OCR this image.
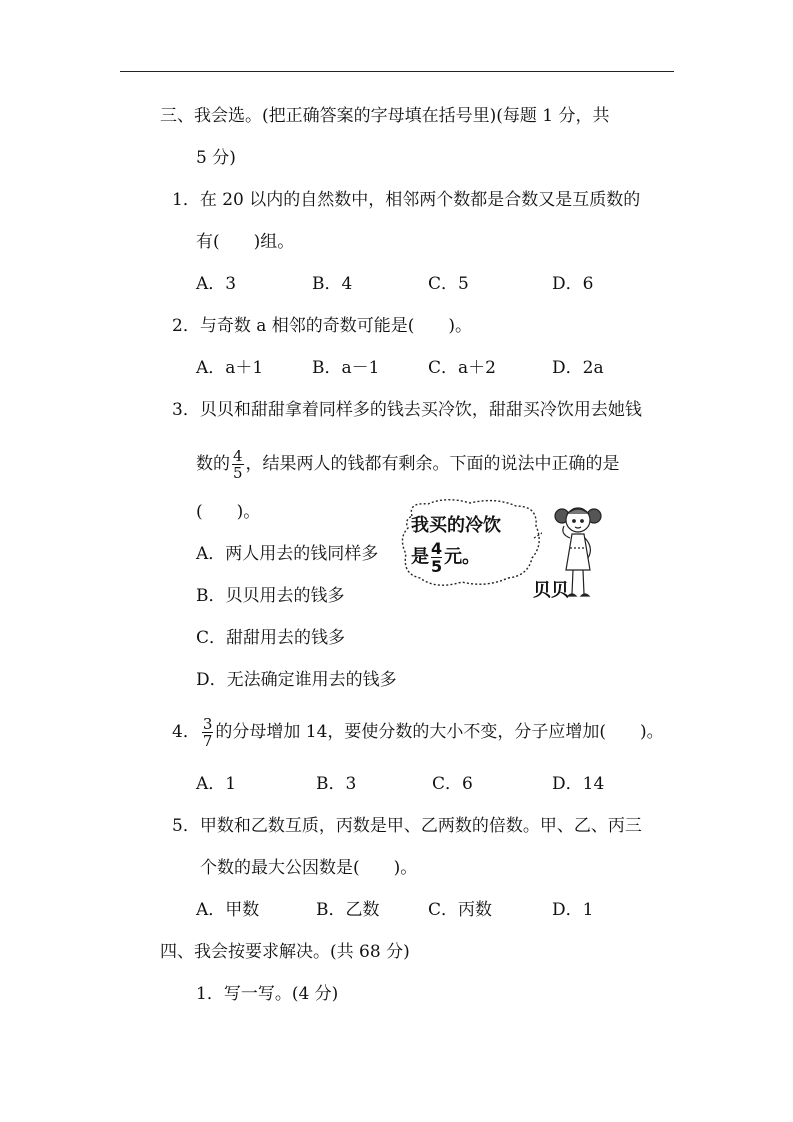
三、我会选。(把正确答案的字母填在括号里)(每题 1 分，共
5 分)
1．在 20 以内的自然数中，相邻两个数都是合数又是互质数的
有(　　)组。
A．3	B．4	C．5	D．6
2．与奇数 a 相邻的奇数可能是(　　)。
A．a＋1	B．a－1	C．a＋2	D．2a
3．贝贝和甜甜拿着同样多的钱去买冷饮，甜甜买冷饮用去她钱
数的 $\frac{4}{5}$ ，结果两人的钱都有剩余。下面的说法中正确的是
(　　)。
A．两人用去的钱同样多
B．贝贝用去的钱多
C．甜甜用去的钱多
D．无法确定谁用去的钱多
我买的冷饮
是 $\frac{4}{5}$ 元。
贝贝
4． $\frac{3}{7}$ 的分母增加 14，要使分数的大小不变，分子应增加(　　)。
A．1	B．3	C．6	D．14
5．甲数和乙数互质，丙数是甲、乙两数的倍数。甲、乙、丙三
个数的最大公因数是(　　)。
A．甲数	B．乙数	C．丙数	D．1
四、我会按要求解决。(共 68 分)
1．写一写。(4 分)
